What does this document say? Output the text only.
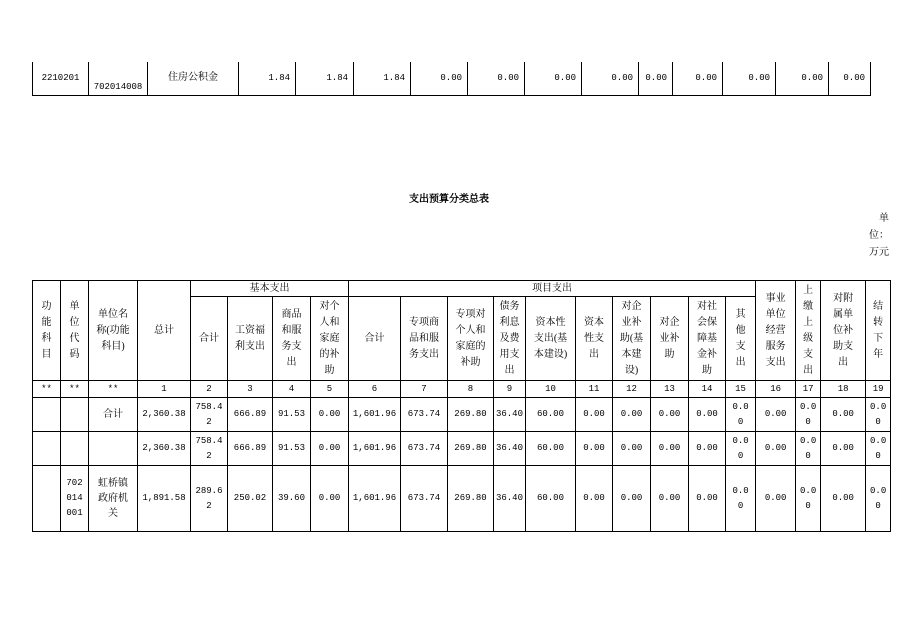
2210201	702014008	住房公积金	1.84	1.84	1.84	0.00	0.00	0.00	0.00	0.00	0.00	0.00	0.00	0.00
支出预算分类总表
单位：万元
功能科目	单位代码	单位名称(功能科目)	总计	基本支出				项目支出										事业单位经营服务支出	上缴上级支出	对附属单位补助支出	结转下年
				合计	工资福利支出	商品和服务支出	对个人和家庭的补助	合计	专项商品和服务支出	专项对个人和家庭的补助	债务利息及费用支出	资本性支出(基本建设)	资本性支出	对企业补助(基本建设)	对企业补助	对社会保障基金补助	其他支出				
**	**	**	1	2	3	4	5	6	7	8	9	10	11	12	13	14	15	16	17	18	19
		合计	2,360.38	758.42	666.89	91.53	0.00	1,601.96	673.74	269.80	36.40	60.00	0.00	0.00	0.00	0.00	0.00	0.00	0.00	0.00	0.00
			2,360.38	758.42	666.89	91.53	0.00	1,601.96	673.74	269.80	36.40	60.00	0.00	0.00	0.00	0.00	0.00	0.00	0.00	0.00	0.00
	702014001	虹桥镇政府机关	1,891.58	289.62	250.02	39.60	0.00	1,601.96	673.74	269.80	36.40	60.00	0.00	0.00	0.00	0.00	0.00	0.00	0.00	0.00	0.00
